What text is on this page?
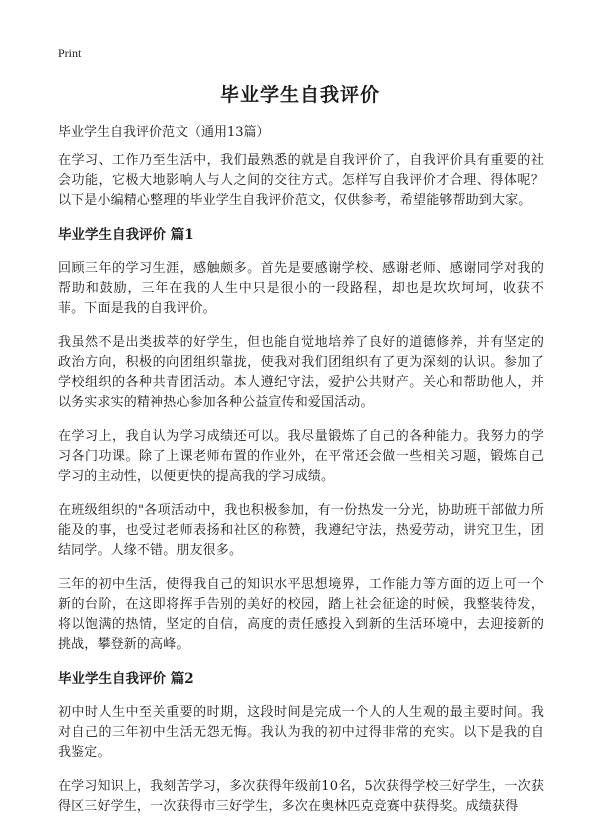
Print
毕业学生自我评价

毕业学生自我评价范文（通用13篇）

在学习、工作乃至生活中，我们最熟悉的就是自我评价了，自我评价具有重要的社会功能，它极大地影响人与人之间的交往方式。怎样写自我评价才合理、得体呢？以下是小编精心整理的毕业学生自我评价范文，仅供参考，希望能够帮助到大家。

毕业学生自我评价 篇1

回顾三年的学习生涯，感触颇多。首先是要感谢学校、感谢老师、感谢同学对我的帮助和鼓励，三年在我的人生中只是很小的一段路程，却也是坎坎坷坷，收获不菲。下面是我的自我评价。

我虽然不是出类拔萃的好学生，但也能自觉地培养了良好的道德修养，并有坚定的政治方向，积极的向团组织靠拢，使我对我们团组织有了更为深刻的认识。参加了学校组织的各种共青团活动。本人遵纪守法，爱护公共财产。关心和帮助他人，并以务实求实的精神热心参加各种公益宣传和爱国活动。

在学习上，我自认为学习成绩还可以。我尽量锻炼了自己的各种能力。我努力的学习各门功课。除了上课老师布置的作业外，在平常还会做一些相关习题，锻炼自己学习的主动性，以便更快的提高我的学习成绩。

在班级组织的"各项活动中，我也积极参加，有一份热发一分光，协助班干部做力所能及的事，也受过老师表扬和社区的称赞，我遵纪守法，热爱劳动，讲究卫生，团结同学。人缘不错。朋友很多。

三年的初中生活，使得我自己的知识水平思想境界，工作能力等方面的迈上可一个新的台阶，在这即将挥手告别的美好的校园，踏上社会征途的时候，我整装待发，将以饱满的热情，坚定的自信，高度的责任感投入到新的生活环境中，去迎接新的挑战，攀登新的高峰。

毕业学生自我评价 篇2

初中时人生中至关重要的时期，这段时间是完成一个人的人生观的最主要时间。我对自己的三年初中生活无怨无悔。我认为我的初中过得非常的充实。以下是我的自我鉴定。

在学习知识上，我刻苦学习，多次获得年级前10名，5次获得学校三好学生，一次获得区三好学生，一次获得市三好学生，多次在奥林匹克竞赛中获得奖。成绩获得
